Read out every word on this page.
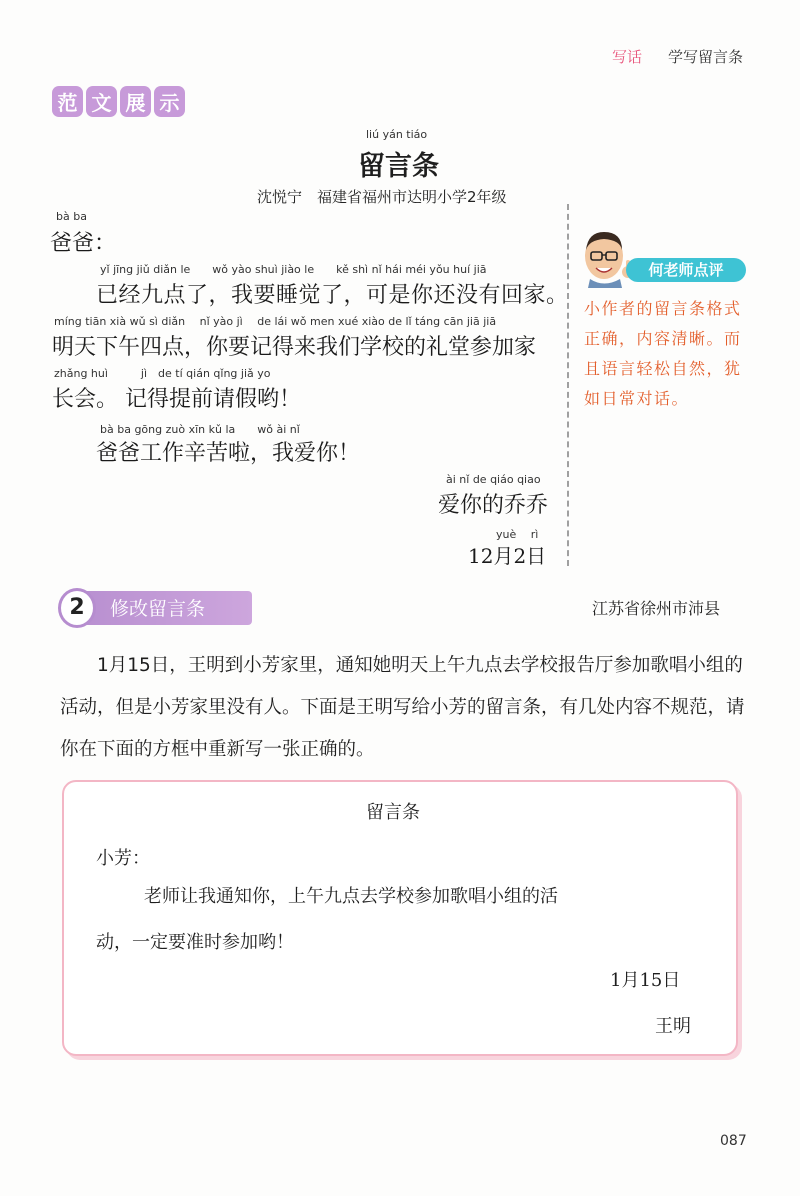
写话 学写留言条
范 文 展 示
liú yán tiáo
留言条
沈悦宁　福建省福州市达明小学2年级
bà ba
爸爸：
yǐ jīng jiǔ diǎn le　　wǒ yào shuì jiào le　　kě shì nǐ hái méi yǒu huí jiā
已经九点了，我要睡觉了，可是你还没有回家。
míng tiān xià wǔ sì diǎn　 nǐ yào jì　 de lái wǒ men xué xiào de lǐ táng cān jiā jiā
明天下午四点，你要记得来我们学校的礼堂参加家
zhǎng huì　　　jì　de tí qián qǐng jiǎ yo
长会。 记得提前请假哟！
bà ba gōng zuò xīn kǔ la　　wǒ ài nǐ
爸爸工作辛苦啦，我爱你！
ài nǐ de qiáo qiao
爱你的乔乔
yuè　 rì
12月2日
何老师点评
小作者的留言条格式正确，内容清晰。而且语言轻松自然，犹如日常对话。
2	修改留言条	江苏省徐州市沛县

1月15日，王明到小芳家里，通知她明天上午九点去学校报告厅参加歌唱小组的活动，但是小芳家里没有人。下面是王明写给小芳的留言条，有几处内容不规范，请你在下面的方框中重新写一张正确的。

留言条
小芳：
老师让我通知你，上午九点去学校参加歌唱小组的活
动，一定要准时参加哟！
1月15日
王明
087
